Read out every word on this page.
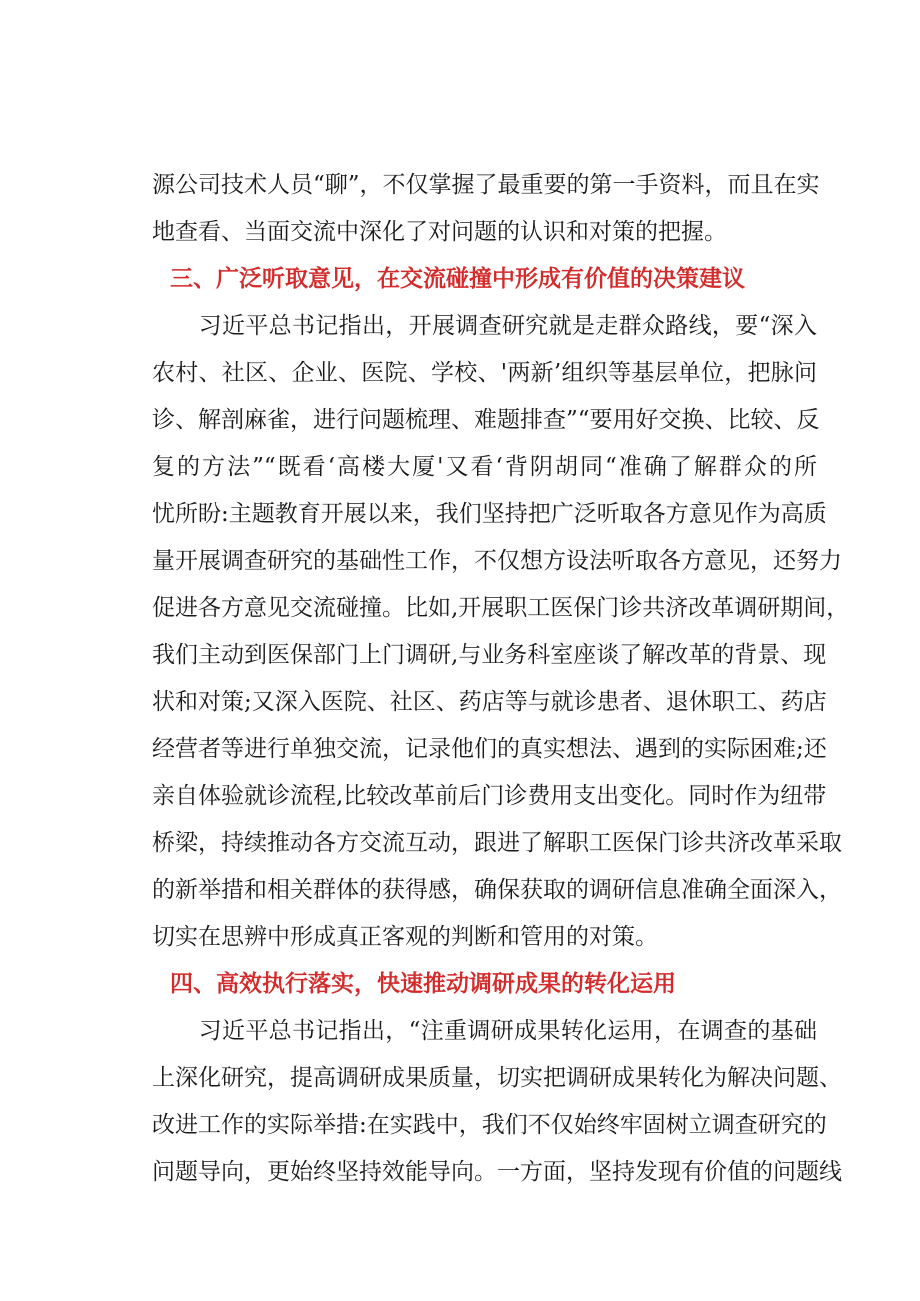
源公司技术人员“聊”，不仅掌握了最重要的第一手资料，而且在实
地查看、当面交流中深化了对问题的认识和对策的把握。
三、广泛听取意见，在交流碰撞中形成有价值的决策建议
　　习近平总书记指出，开展调查研究就是走群众路线，要“深入
农村、社区、企业、医院、学校、'两新’组织等基层单位，把脉问
诊、解剖麻雀，进行问题梳理、难题排查”“要用好交换、比较、反
复的方法”“既看‘高楼大厦'又看‘背阴胡同“准确了解群众的所
忧所盼:主题教育开展以来，我们坚持把广泛听取各方意见作为高质
量开展调查研究的基础性工作，不仅想方设法听取各方意见，还努力
促进各方意见交流碰撞。比如,开展职工医保门诊共济改革调研期间，
我们主动到医保部门上门调研,与业务科室座谈了解改革的背景、现
状和对策;又深入医院、社区、药店等与就诊患者、退休职工、药店
经营者等进行单独交流，记录他们的真实想法、遇到的实际困难;还
亲自体验就诊流程,比较改革前后门诊费用支出变化。同时作为纽带
桥梁，持续推动各方交流互动，跟进了解职工医保门诊共济改革采取
的新举措和相关群体的获得感，确保获取的调研信息准确全面深入，
切实在思辨中形成真正客观的判断和管用的对策。
四、高效执行落实，快速推动调研成果的转化运用
　　习近平总书记指出，“注重调研成果转化运用，在调查的基础
上深化研究，提高调研成果质量，切实把调研成果转化为解决问题、
改进工作的实际举措:在实践中，我们不仅始终牢固树立调查研究的
问题导向，更始终坚持效能导向。一方面，坚持发现有价值的问题线
